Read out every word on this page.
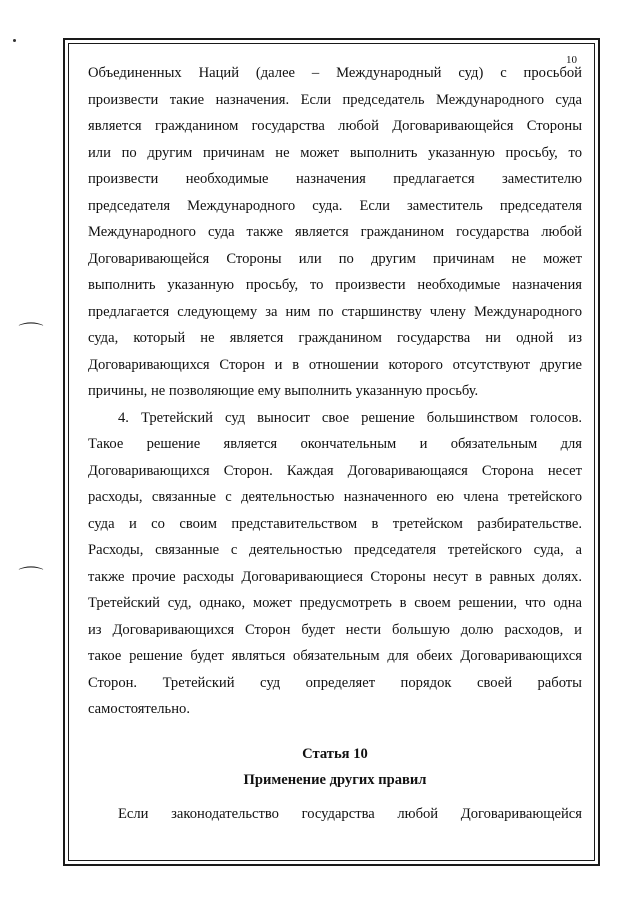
⌒
⌒
10
Объединенных Наций (далее – Международный суд) с просьбой
произвести такие назначения. Если председатель Международного суда
является гражданином государства любой Договаривающейся Стороны
или по другим причинам не может выполнить указанную просьбу, то
произвести необходимые назначения предлагается заместителю
председателя Международного суда. Если заместитель председателя
Международного суда также является гражданином государства любой
Договаривающейся Стороны или по другим причинам не может
выполнить указанную просьбу, то произвести необходимые назначения
предлагается следующему за ним по старшинству члену Международного
суда, который не является гражданином государства ни одной из
Договаривающихся Сторон и в отношении которого отсутствуют другие
причины, не позволяющие ему выполнить указанную просьбу.
4. Третейский суд выносит свое решение большинством голосов.
Такое решение является окончательным и обязательным для
Договаривающихся Сторон. Каждая Договаривающаяся Сторона несет
расходы, связанные с деятельностью назначенного ею члена третейского
суда и со своим представительством в третейском разбирательстве.
Расходы, связанные с деятельностью председателя третейского суда, а
также прочие расходы Договаривающиеся Стороны несут в равных долях.
Третейский суд, однако, может предусмотреть в своем решении, что одна
из Договаривающихся Сторон будет нести большую долю расходов, и
такое решение будет являться обязательным для обеих Договаривающихся
Сторон. Третейский суд определяет порядок своей работы
самостоятельно.
Статья 10
Применение других правил
Если законодательство государства любой Договаривающейся
